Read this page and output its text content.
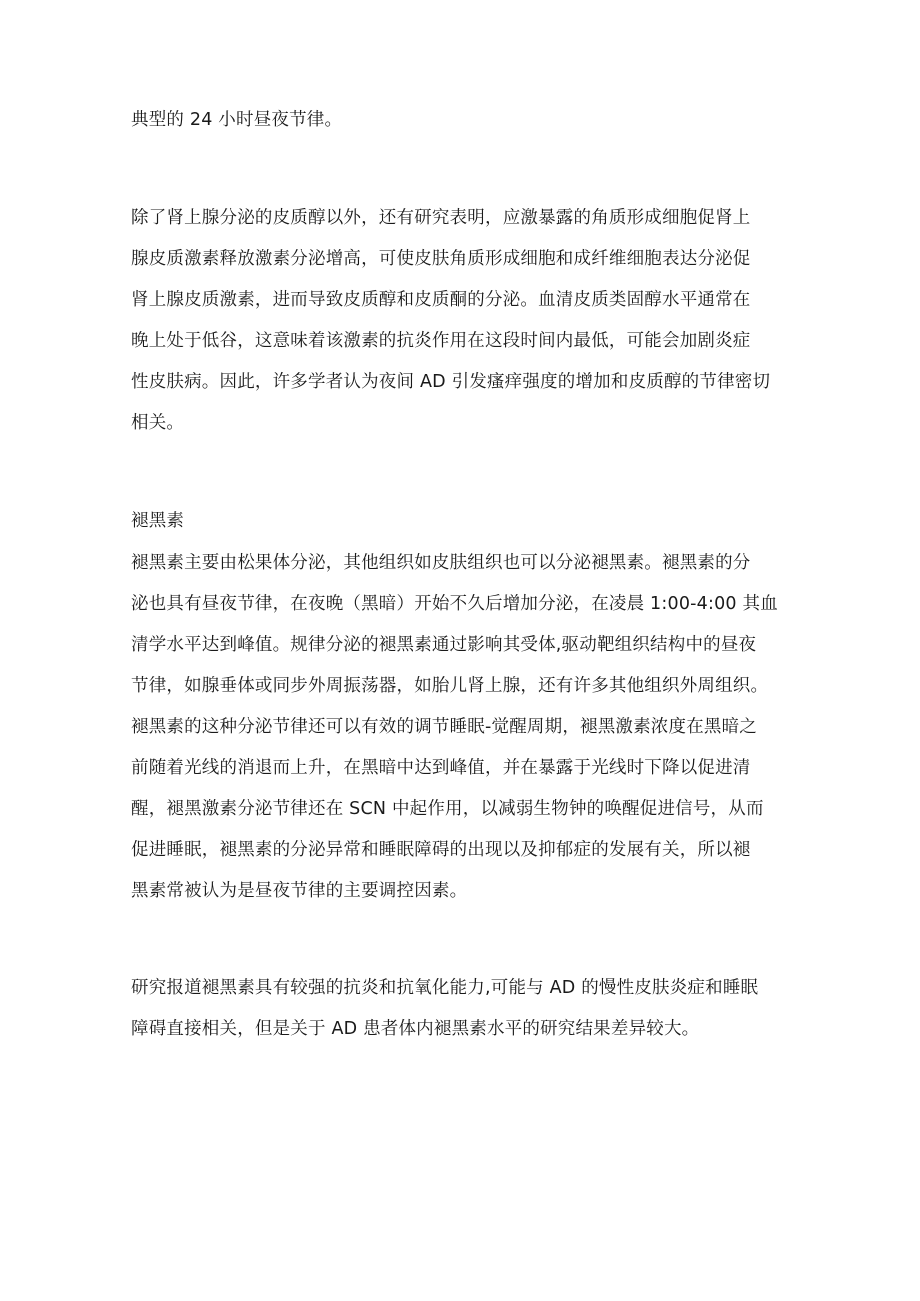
典型的 24 小时昼夜节律。

除了肾上腺分泌的皮质醇以外，还有研究表明，应激暴露的角质形成细胞促肾上

腺皮质激素释放激素分泌增高，可使皮肤角质形成细胞和成纤维细胞表达分泌促

肾上腺皮质激素，进而导致皮质醇和皮质酮的分泌。血清皮质类固醇水平通常在

晚上处于低谷，这意味着该激素的抗炎作用在这段时间内最低，可能会加剧炎症

性皮肤病。因此，许多学者认为夜间 AD 引发瘙痒强度的增加和皮质醇的节律密切

相关。

褪黑素

褪黑素主要由松果体分泌，其他组织如皮肤组织也可以分泌褪黑素。褪黑素的分

泌也具有昼夜节律，在夜晚（黑暗）开始不久后增加分泌，在凌晨 1:00-4:00 其血

清学水平达到峰值。规律分泌的褪黑素通过影响其受体,驱动靶组织结构中的昼夜

节律，如腺垂体或同步外周振荡器，如胎儿肾上腺，还有许多其他组织外周组织。

褪黑素的这种分泌节律还可以有效的调节睡眠-觉醒周期，褪黑激素浓度在黑暗之

前随着光线的消退而上升，在黑暗中达到峰值，并在暴露于光线时下降以促进清

醒，褪黑激素分泌节律还在 SCN 中起作用，以减弱生物钟的唤醒促进信号，从而

促进睡眠，褪黑素的分泌异常和睡眠障碍的出现以及抑郁症的发展有关，所以褪

黑素常被认为是昼夜节律的主要调控因素。

研究报道褪黑素具有较强的抗炎和抗氧化能力,可能与 AD 的慢性皮肤炎症和睡眠

障碍直接相关，但是关于 AD 患者体内褪黑素水平的研究结果差异较大。
